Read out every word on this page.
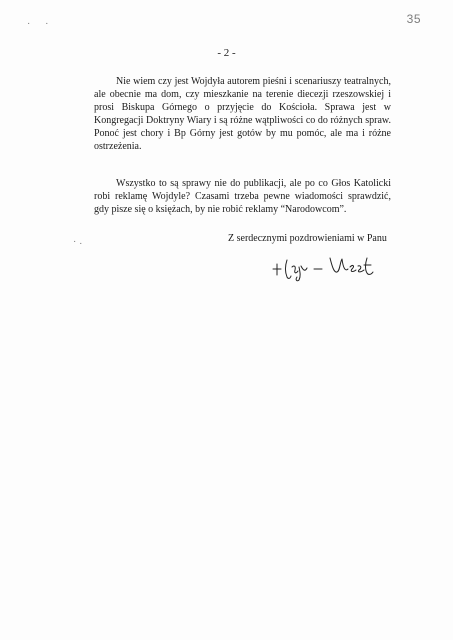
· ·
·.
35
- 2 -

Nie wiem czy jest Wojdyła autorem pieśni i scenariuszy teatralnych, ale obecnie ma dom, czy mieszkanie na terenie diecezji rzeszowskiej i prosi Biskupa Górnego o przyjęcie do Kościoła. Sprawa jest w Kongregacji Doktryny Wiary i są różne wątpliwości co do różnych spraw. Ponoć jest chory i Bp Górny jest gotów by mu pomóc, ale ma i różne ostrzeżenia.

Wszystko to są sprawy nie do publikacji, ale po co Głos Katolicki robi reklamę Wojdyle? Czasami trzeba pewne wiadomości sprawdzić, gdy pisze się o księżach, by nie robić reklamy “Narodowcom”.

Z serdecznymi pozdrowieniami w Panu
